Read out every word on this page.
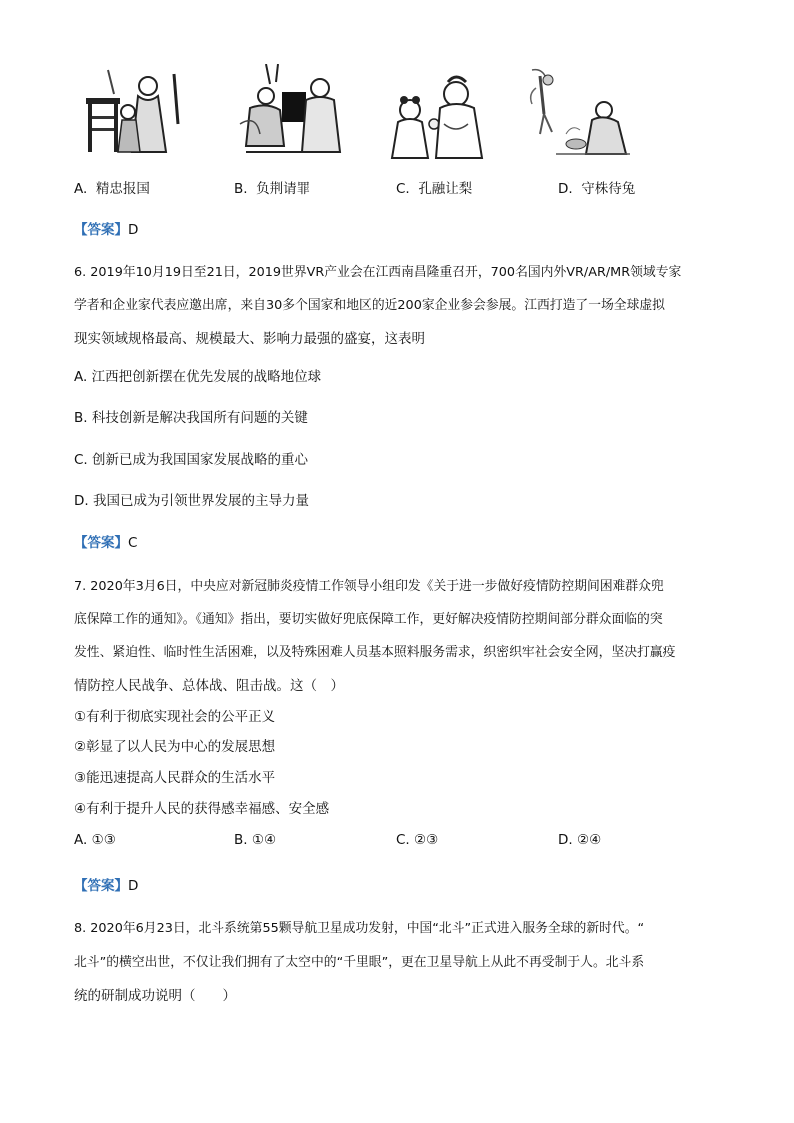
A. 精忠报国	B. 负荆请罪	C. 孔融让梨	D. 守株待兔
【答案】D
6. 2019年10月19日至21日，2019世界VR产业会在江西南昌隆重召开，700名国内外VR/AR/MR领域专家
学者和企业家代表应邀出席，来自30多个国家和地区的近200家企业参会参展。江西打造了一场全球虚拟
现实领域规格最高、规模最大、影响力最强的盛宴，这表明
A. 江西把创新摆在优先发展的战略地位球
B. 科技创新是解决我国所有问题的关键
C. 创新已成为我国国家发展战略的重心
D. 我国已成为引领世界发展的主导力量
【答案】C
7. 2020年3月6日，中央应对新冠肺炎疫情工作领导小组印发《关于进一步做好疫情防控期间困难群众兜
底保障工作的通知》。《通知》指出，要切实做好兜底保障工作，更好解决疫情防控期间部分群众面临的突
发性、紧迫性、临时性生活困难，以及特殊困难人员基本照料服务需求，织密织牢社会安全网，坚决打赢疫
情防控人民战争、总体战、阻击战。这（　）
①有利于彻底实现社会的公平正义
②彰显了以人民为中心的发展思想
③能迅速提高人民群众的生活水平
④有利于提升人民的获得感幸福感、安全感
A. ①③	B. ①④	C. ②③	D. ②④
【答案】D
8. 2020年6月23日，北斗系统第55颗导航卫星成功发射，中国“北斗”正式进入服务全球的新时代。“
北斗”的横空出世，不仅让我们拥有了太空中的“千里眼”，更在卫星导航上从此不再受制于人。北斗系
统的研制成功说明（　　）
